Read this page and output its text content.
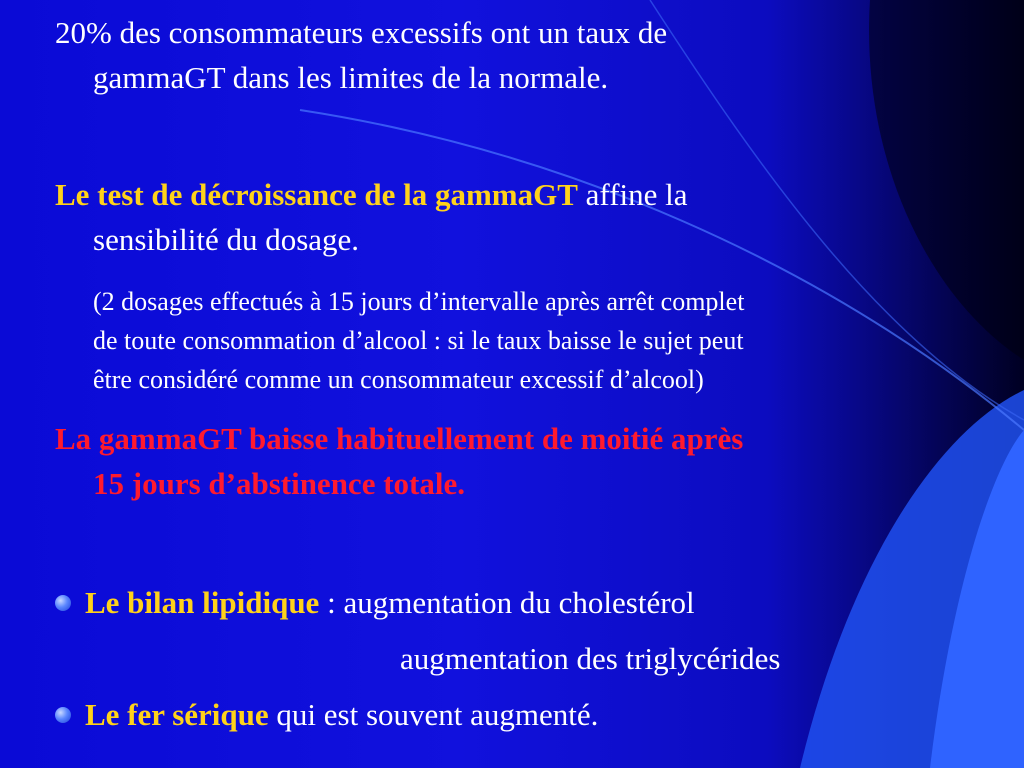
20% des consommateurs excessifs ont un taux de
gammaGT dans les limites de la normale.

Le test de décroissance de la gammaGT affine la
sensibilité du dosage.

(2 dosages effectués à 15 jours d’intervalle après arrêt complet
de toute consommation d’alcool : si le taux baisse le sujet peut
être considéré comme un consommateur excessif d’alcool)

La gammaGT baisse habituellement de moitié après
15 jours d’abstinence totale.

Le bilan lipidique : augmentation du cholestérol
augmentation des triglycérides
Le fer sérique qui est souvent augmenté.
